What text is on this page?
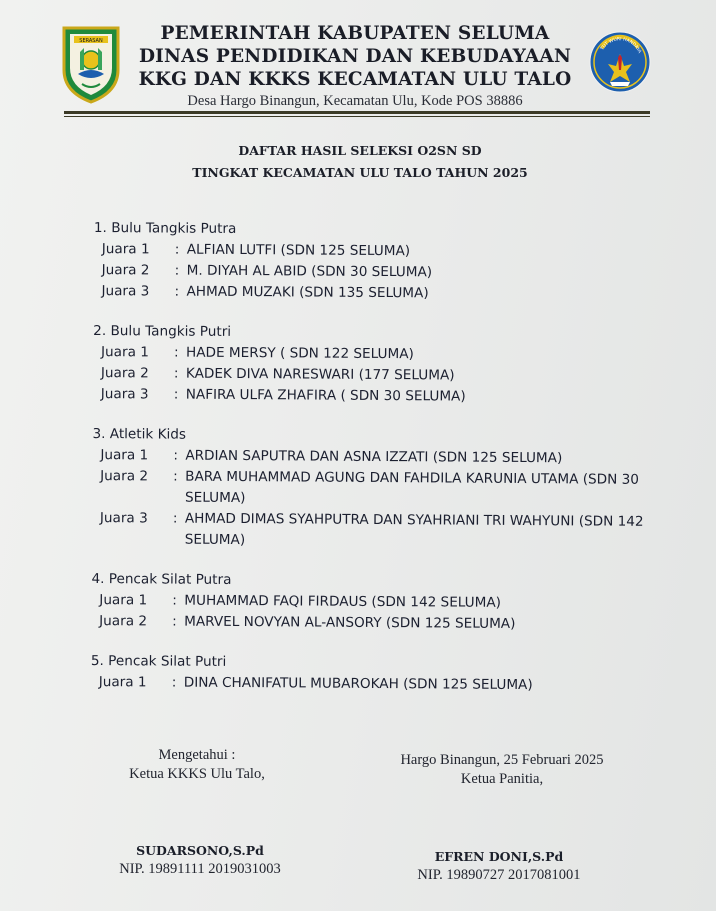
SERASAN	PEMERINTAH KABUPATEN SELUMA
DINAS PENDIDIKAN DAN KEBUDAYAAN
KKG DAN KKKS KECAMATAN ULU TALO
Desa Hargo Binangun, Kecamatan Ulu, Kode POS 38886
TUT WURI HANDAYA
DAFTAR HASIL SELEKSI O2SN SD
TINGKAT KECAMATAN ULU TALO TAHUN 2025
1. Bulu Tangkis Putra
Juara 1	: ALFIAN LUTFI (SDN 125 SELUMA)
Juara 2	: M. DIYAH AL ABID (SDN 30 SELUMA)
Juara 3	: AHMAD MUZAKI (SDN 135 SELUMA)
2. Bulu Tangkis Putri
Juara 1	: HADE MERSY ( SDN 122 SELUMA)
Juara 2	: KADEK DIVA NARESWARI (177 SELUMA)
Juara 3	: NAFIRA ULFA ZHAFIRA ( SDN 30 SELUMA)
3. Atletik Kids
Juara 1	: ARDIAN SAPUTRA DAN ASNA IZZATI (SDN 125 SELUMA)
Juara 2	: BARA MUHAMMAD AGUNG DAN FAHDILA KARUNIA UTAMA (SDN 30 SELUMA)
Juara 3	: AHMAD DIMAS SYAHPUTRA DAN SYAHRIANI TRI WAHYUNI (SDN 142 SELUMA)
4. Pencak Silat Putra
Juara 1	: MUHAMMAD FAQI FIRDAUS (SDN 142 SELUMA)
Juara 2	: MARVEL NOVYAN AL-ANSORY (SDN 125 SELUMA)
5. Pencak Silat Putri
Juara 1	: DINA CHANIFATUL MUBAROKAH (SDN 125 SELUMA)
Mengetahui :
Ketua KKKS Ulu Talo,
Hargo Binangun, 25 Februari 2025
Ketua Panitia,
SUDARSONO,S.Pd
NIP. 19891111 2019031003
EFREN DONI,S.Pd
NIP. 19890727 2017081001
